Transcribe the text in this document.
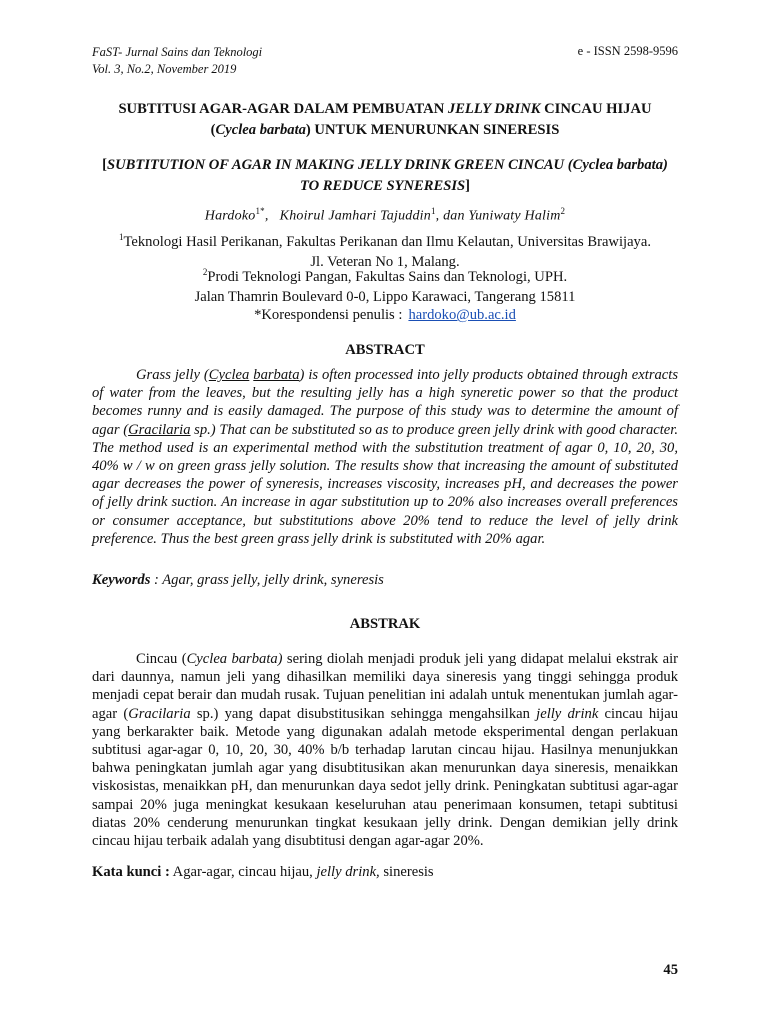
FaST- Jurnal Sains dan Teknologi
Vol. 3, No.2, November 2019
e - ISSN 2598-9596
SUBTITUSI AGAR-AGAR DALAM PEMBUATAN JELLY DRINK CINCAU HIJAU
(Cyclea barbata) UNTUK MENURUNKAN SINERESIS
[SUBTITUTION OF AGAR IN MAKING JELLY DRINK GREEN CINCAU (Cyclea barbata)
TO REDUCE SYNERESIS]
Hardoko$^{1*}$,   Khoirul Jamhari Tajuddin$^1$, dan Yuniwaty Halim$^2$
$^1$Teknologi Hasil Perikanan, Fakultas Perikanan dan Ilmu Kelautan, Universitas Brawijaya.
Jl. Veteran No 1, Malang.
$^2$Prodi Teknologi Pangan, Fakultas Sains dan Teknologi, UPH.
Jalan Thamrin Boulevard 0-0, Lippo Karawaci, Tangerang 15811
*Korespondensi penulis : hardoko@ub.ac.id
ABSTRACT

Grass jelly (Cyclea barbata) is often processed into jelly products obtained through extracts of water from the leaves, but the resulting jelly has a high syneretic power so that the product becomes runny and is easily damaged. The purpose of this study was to determine the amount of agar (Gracilaria sp.) That can be substituted so as to produce green jelly drink with good character. The method used is an experimental method with the substitution treatment of agar 0, 10, 20, 30, 40% w / w on green grass jelly solution. The results show that increasing the amount of substituted agar decreases the power of syneresis, increases viscosity, increases pH, and decreases the power of jelly drink suction. An increase in agar substitution up to 20% also increases overall preferences or consumer acceptance, but substitutions above 20% tend to reduce the level of jelly drink preference. Thus the best green grass jelly drink is substituted with 20% agar.

Keywords : Agar, grass jelly, jelly drink, syneresis
ABSTRAK

Cincau (Cyclea barbata) sering diolah menjadi produk jeli yang didapat melalui ekstrak air dari daunnya, namun jeli yang dihasilkan memiliki daya sineresis yang tinggi sehingga produk menjadi cepat berair dan mudah rusak. Tujuan penelitian ini adalah untuk menentukan jumlah agar-agar (Gracilaria sp.) yang dapat disubstitusikan sehingga mengahsilkan jelly drink cincau hijau yang berkarakter baik. Metode yang digunakan adalah metode eksperimental dengan perlakuan subtitusi agar-agar 0, 10, 20, 30, 40% b/b terhadap larutan cincau hijau. Hasilnya menunjukkan bahwa peningkatan jumlah agar yang disubtitusikan akan menurunkan daya sineresis, menaikkan viskosistas, menaikkan pH, dan menurunkan daya sedot jelly drink. Peningkatan subtitusi agar-agar sampai 20% juga meningkat kesukaan keseluruhan atau penerimaan konsumen, tetapi subtitusi diatas 20% cenderung menurunkan tingkat kesukaan jelly drink. Dengan demikian jelly drink cincau hijau terbaik adalah yang disubtitusi dengan agar-agar 20%.

Kata kunci : Agar-agar, cincau hijau, jelly drink, sineresis
45
